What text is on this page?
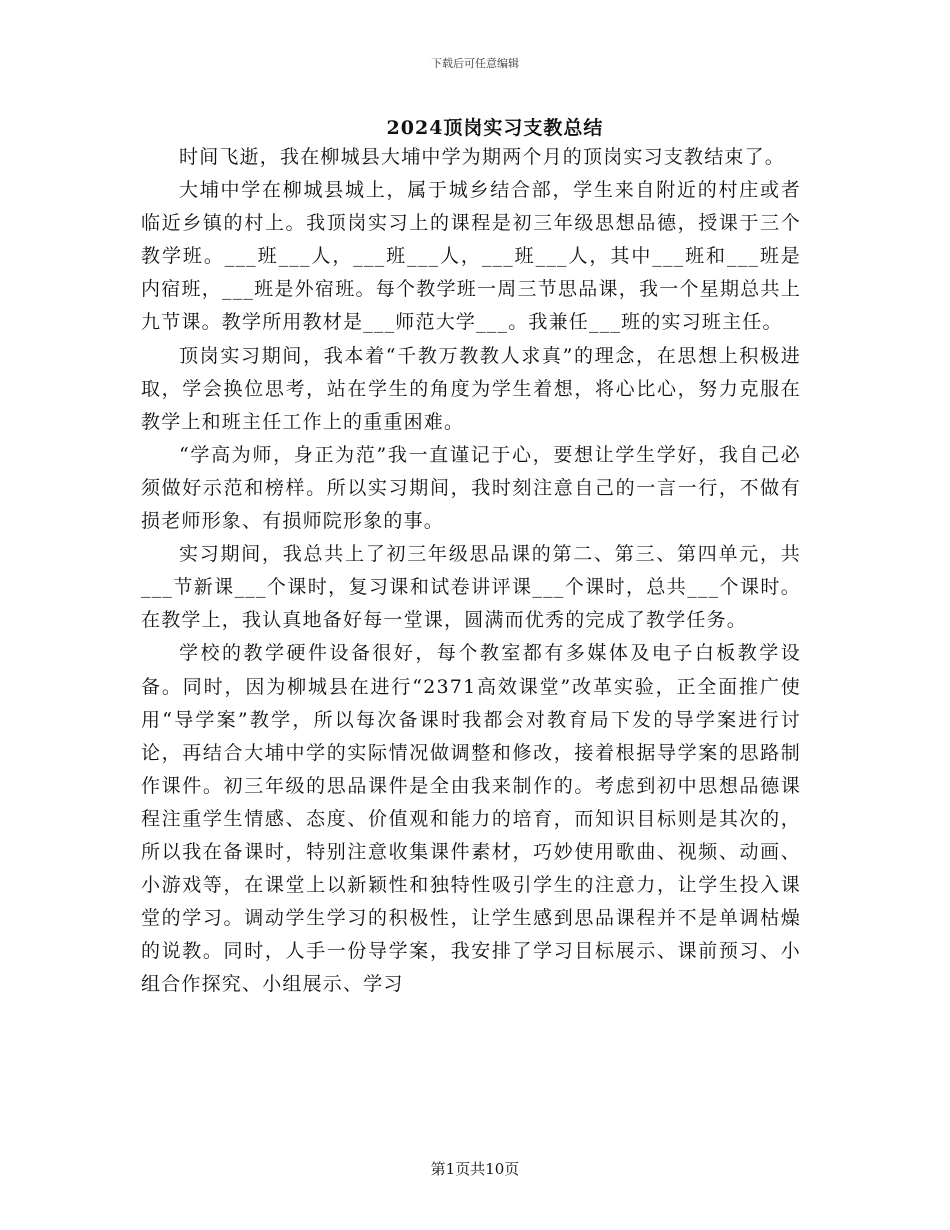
下载后可任意编辑
2024顶岗实习支教总结

时间飞逝，我在柳城县大埔中学为期两个月的顶岗实习支教结束了。

大埔中学在柳城县城上，属于城乡结合部，学生来自附近的村庄或者临近乡镇的村上。我顶岗实习上的课程是初三年级思想品德，授课于三个教学班。___班___人，___班___人，___班___人，其中___班和___班是内宿班，___班是外宿班。每个教学班一周三节思品课，我一个星期总共上九节课。教学所用教材是___师范大学___。我兼任___班的实习班主任。

顶岗实习期间，我本着“千教万教教人求真”的理念，在思想上积极进取，学会换位思考，站在学生的角度为学生着想，将心比心，努力克服在教学上和班主任工作上的重重困难。

“学高为师，身正为范”我一直谨记于心，要想让学生学好，我自己必须做好示范和榜样。所以实习期间，我时刻注意自己的一言一行，不做有损老师形象、有损师院形象的事。

实习期间，我总共上了初三年级思品课的第二、第三、第四单元，共___节新课___个课时，复习课和试卷讲评课___个课时，总共___个课时。在教学上，我认真地备好每一堂课，圆满而优秀的完成了教学任务。

学校的教学硬件设备很好，每个教室都有多媒体及电子白板教学设备。同时，因为柳城县在进行“2371高效课堂”改革实验，正全面推广使用“导学案”教学，所以每次备课时我都会对教育局下发的导学案进行讨论，再结合大埔中学的实际情况做调整和修改，接着根据导学案的思路制作课件。初三年级的思品课件是全由我来制作的。考虑到初中思想品德课程注重学生情感、态度、价值观和能力的培育，而知识目标则是其次的，所以我在备课时，特别注意收集课件素材，巧妙使用歌曲、视频、动画、小游戏等，在课堂上以新颖性和独特性吸引学生的注意力，让学生投入课堂的学习。调动学生学习的积极性，让学生感到思品课程并不是单调枯燥的说教。同时，人手一份导学案，我安排了学习目标展示、课前预习、小组合作探究、小组展示、学习

第1页共10页
